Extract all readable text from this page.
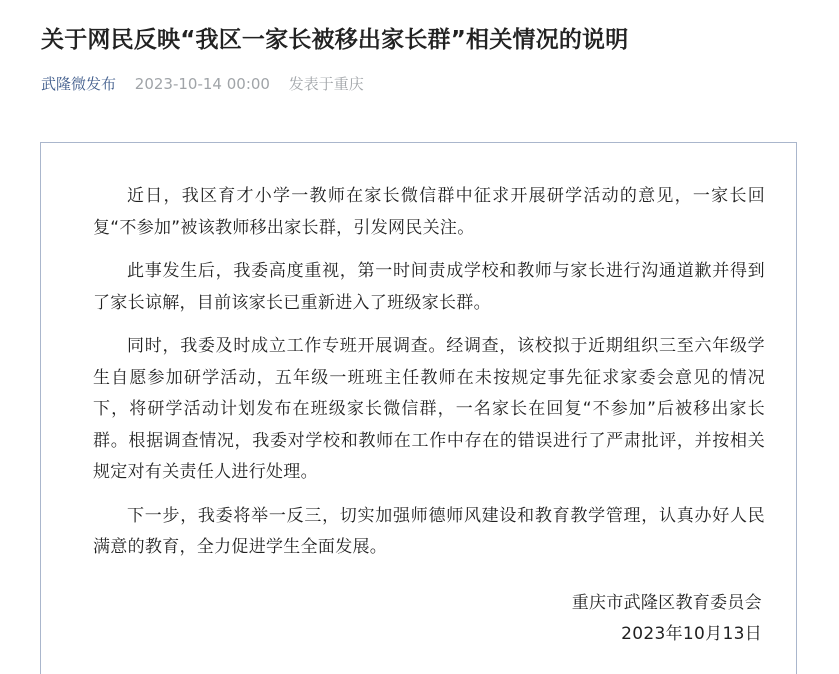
关于网民反映“我区一家长被移出家长群”相关情况的说明
武隆微发布 2023-10-14 00:00 发表于重庆

近日，我区育才小学一教师在家长微信群中征求开展研学活动的意见，一家长回复“不参加”被该教师移出家长群，引发网民关注。

此事发生后，我委高度重视，第一时间责成学校和教师与家长进行沟通道歉并得到了家长谅解，目前该家长已重新进入了班级家长群。

同时，我委及时成立工作专班开展调查。经调查，该校拟于近期组织三至六年级学生自愿参加研学活动，五年级一班班主任教师在未按规定事先征求家委会意见的情况下，将研学活动计划发布在班级家长微信群，一名家长在回复“不参加”后被移出家长群。根据调查情况，我委对学校和教师在工作中存在的错误进行了严肃批评，并按相关规定对有关责任人进行处理。

下一步，我委将举一反三，切实加强师德师风建设和教育教学管理，认真办好人民满意的教育，全力促进学生全面发展。

重庆市武隆区教育委员会
2023年10月13日
